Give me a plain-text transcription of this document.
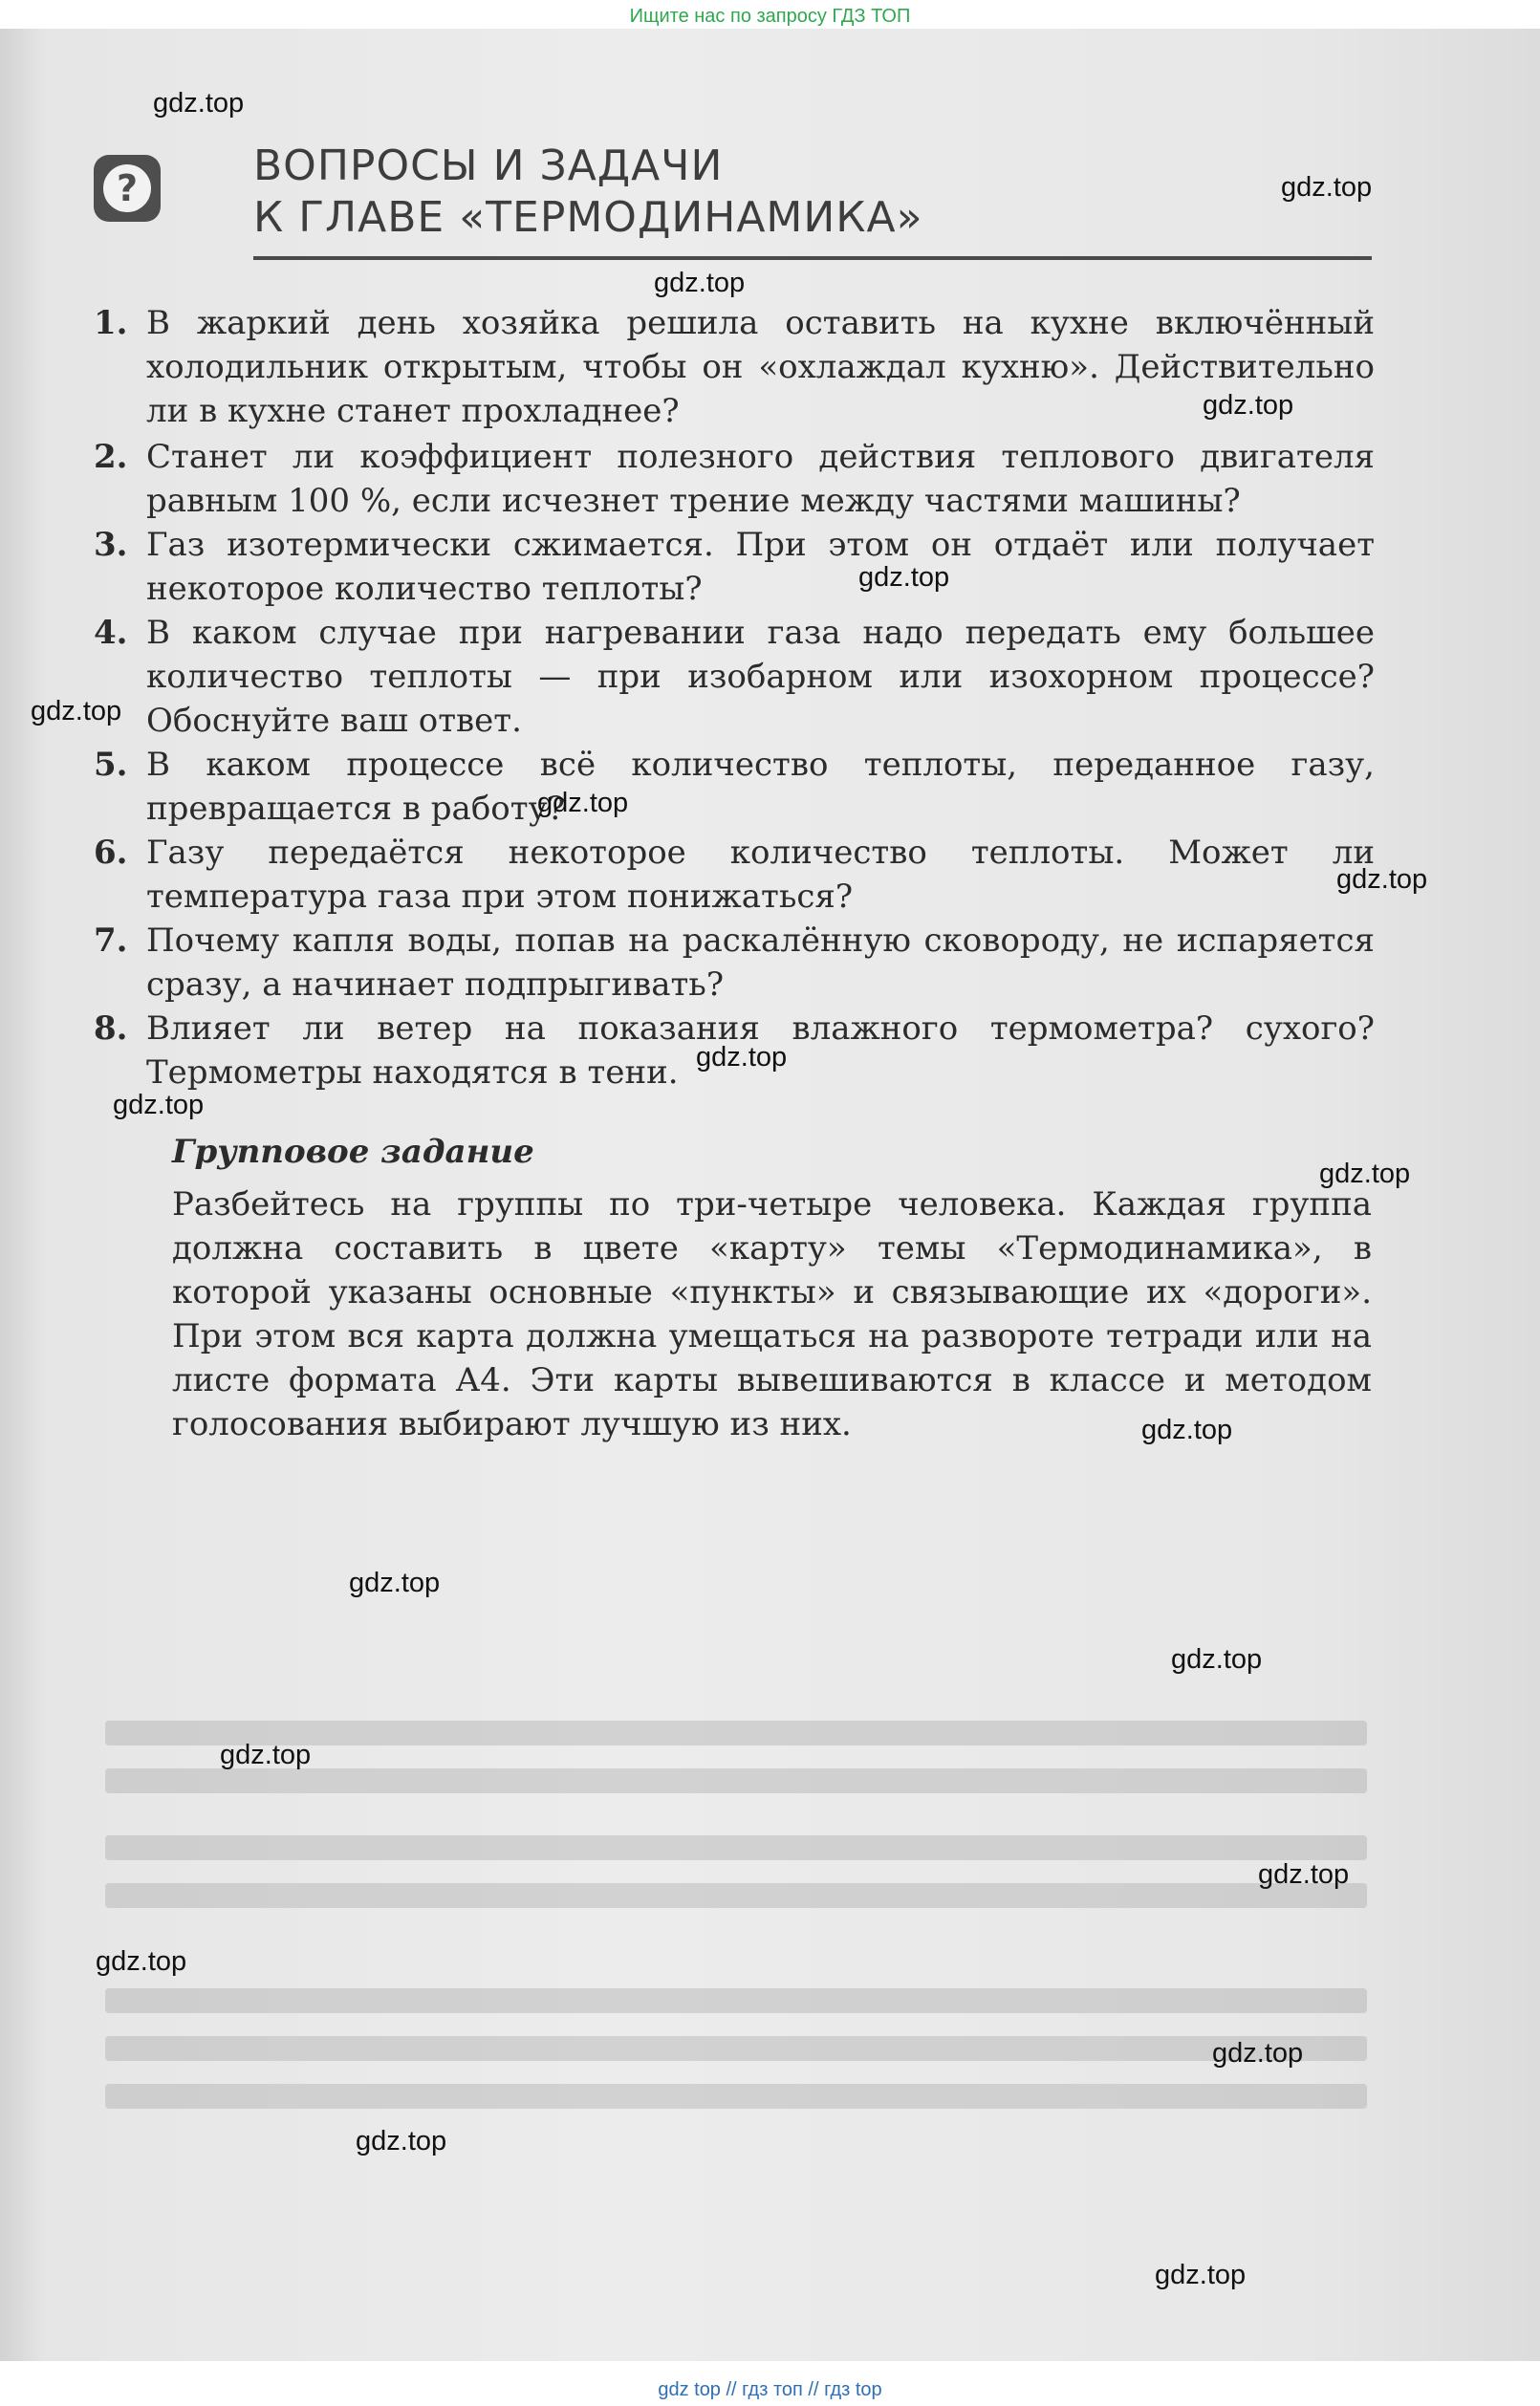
Ищите нас по запросу ГДЗ ТОП
?	ВОПРОСЫ И ЗАДАЧИ
К ГЛАВЕ «ТЕРМОДИНАМИКА»
1. В жаркий день хозяйка решила оставить на кухне включённый холодильник открытым, чтобы он «охлаждал кухню». Действительно ли в кухне станет прохладнее?
2. Станет ли коэффициент полезного действия теплового двигателя равным 100 %, если исчезнет трение между частями машины?
3. Газ изотермически сжимается. При этом он отдаёт или получает некоторое количество теплоты?
4. В каком случае при нагревании газа надо передать ему большее количество теплоты — при изобарном или изохорном процессе? Обоснуйте ваш ответ.
5. В каком процессе всё количество теплоты, переданное газу, превращается в работу?
6. Газу передаётся некоторое количество теплоты. Может ли температура газа при этом понижаться?
7. Почему капля воды, попав на раскалённую сковороду, не испаряется сразу, а начинает подпрыгивать?
8. Влияет ли ветер на показания влажного термометра? сухого? Термометры находятся в тени.
Групповое задание

Разбейтесь на группы по три-четыре человека. Каждая группа должна составить в цвете «карту» темы «Термодинамика», в которой указаны основные «пункты» и связывающие их «дороги». При этом вся карта должна умещаться на развороте тетради или на листе формата А4. Эти карты вывешиваются в классе и методом голосования выбирают лучшую из них.

gdz.top
gdz.top
gdz.top
gdz.top
gdz.top
gdz.top
gdz.top
gdz.top
gdz.top
gdz.top
gdz.top
gdz.top
gdz.top
gdz.top
gdz.top
gdz.top
gdz.top
gdz.top
gdz.top
gdz.top
gdz top // гдз топ // гдз top
